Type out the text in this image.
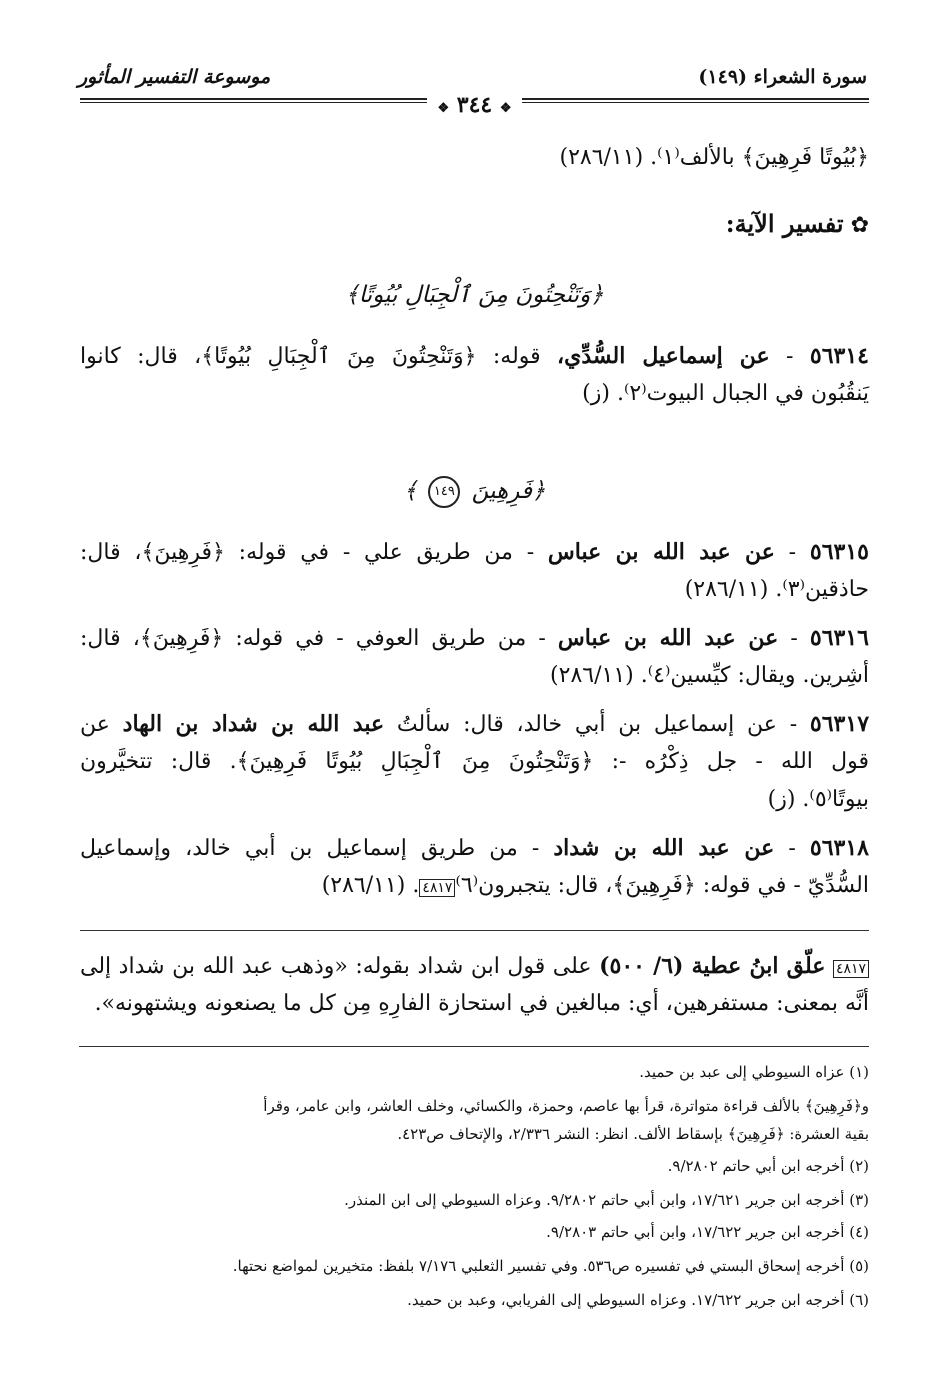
سورة الشعراء (١٤٩)
موسوعة التفسير المأثور
❖ ٣٤٤ ❖
﴿بُيُوتًا فَرِهِينَ﴾ بالألف⁽١⁾. (٢٨٦/١١)
✿ تفسير الآية:
﴿وَتَنْحِتُونَ مِنَ ٱلْجِبَالِ بُيُوتًا﴾
٥٦٣١٤ - عن إسماعيل السُّدِّي، قوله: ﴿وَتَنْحِتُونَ مِنَ ٱلْجِبَالِ بُيُوتًا﴾، قال: كانوا
يَنقُبُون في الجبال البيوت⁽٢⁾. (ز)
﴿فَرِهِينَ ١٤٩ ﴾
٥٦٣١٥ - عن عبد الله بن عباس - من طريق علي - في قوله: ﴿فَرِهِينَ﴾، قال:
حاذقين⁽٣⁾. (٢٨٦/١١)
٥٦٣١٦ - عن عبد الله بن عباس - من طريق العوفي - في قوله: ﴿فَرِهِينَ﴾، قال:
أشِرين. ويقال: كيِّسين⁽٤⁾. (٢٨٦/١١)
٥٦٣١٧ - عن إسماعيل بن أبي خالد، قال: سألتُ عبد الله بن شداد بن الهاد عن
قول الله - جل ذِكْرُه -: ﴿وَتَنْحِتُونَ مِنَ ٱلْجِبَالِ بُيُوتًا فَرِهِينَ﴾. قال: تتخيَّرون
بيوتًا⁽٥⁾. (ز)
٥٦٣١٨ - عن عبد الله بن شداد - من طريق إسماعيل بن أبي خالد، وإسماعيل
السُّدِّيّ - في قوله: ﴿فَرِهِينَ﴾، قال: يتجبرون⁽٦⁾٤٨١٧. (٢٨٦/١١)
٤٨١٧ علّق ابنُ عطية (٦/ ٥٠٠) على قول ابن شداد بقوله: «وذهب عبد الله بن شداد إلى
أنَّه بمعنى: مستفرهين، أي: مبالغين في استحازة الفارِهِ مِن كل ما يصنعونه ويشتهونه».
(١) عزاه السيوطي إلى عبد بن حميد.
و﴿فَرِهِينَ﴾ بالألف قراءة متواترة، قرأ بها عاصم، وحمزة، والكسائي، وخلف العاشر، وابن عامر، وقرأ
بقية العشرة: ﴿فَرِهِينَ﴾ بإسقاط الألف. انظر: النشر ٢/٣٣٦، والإتحاف ص٤٢٣.
(٢) أخرجه ابن أبي حاتم ٩/٢٨٠٢.
(٣) أخرجه ابن جرير ١٧/٦٢١، وابن أبي حاتم ٩/٢٨٠٢. وعزاه السيوطي إلى ابن المنذر.
(٤) أخرجه ابن جرير ١٧/٦٢٢، وابن أبي حاتم ٩/٢٨٠٣.
(٥) أخرجه إسحاق البستي في تفسيره ص٥٣٦. وفي تفسير الثعلبي ٧/١٧٦ بلفظ: متخيرين لمواضع نحتها.
(٦) أخرجه ابن جرير ١٧/٦٢٢. وعزاه السيوطي إلى الفريابي، وعبد بن حميد.
